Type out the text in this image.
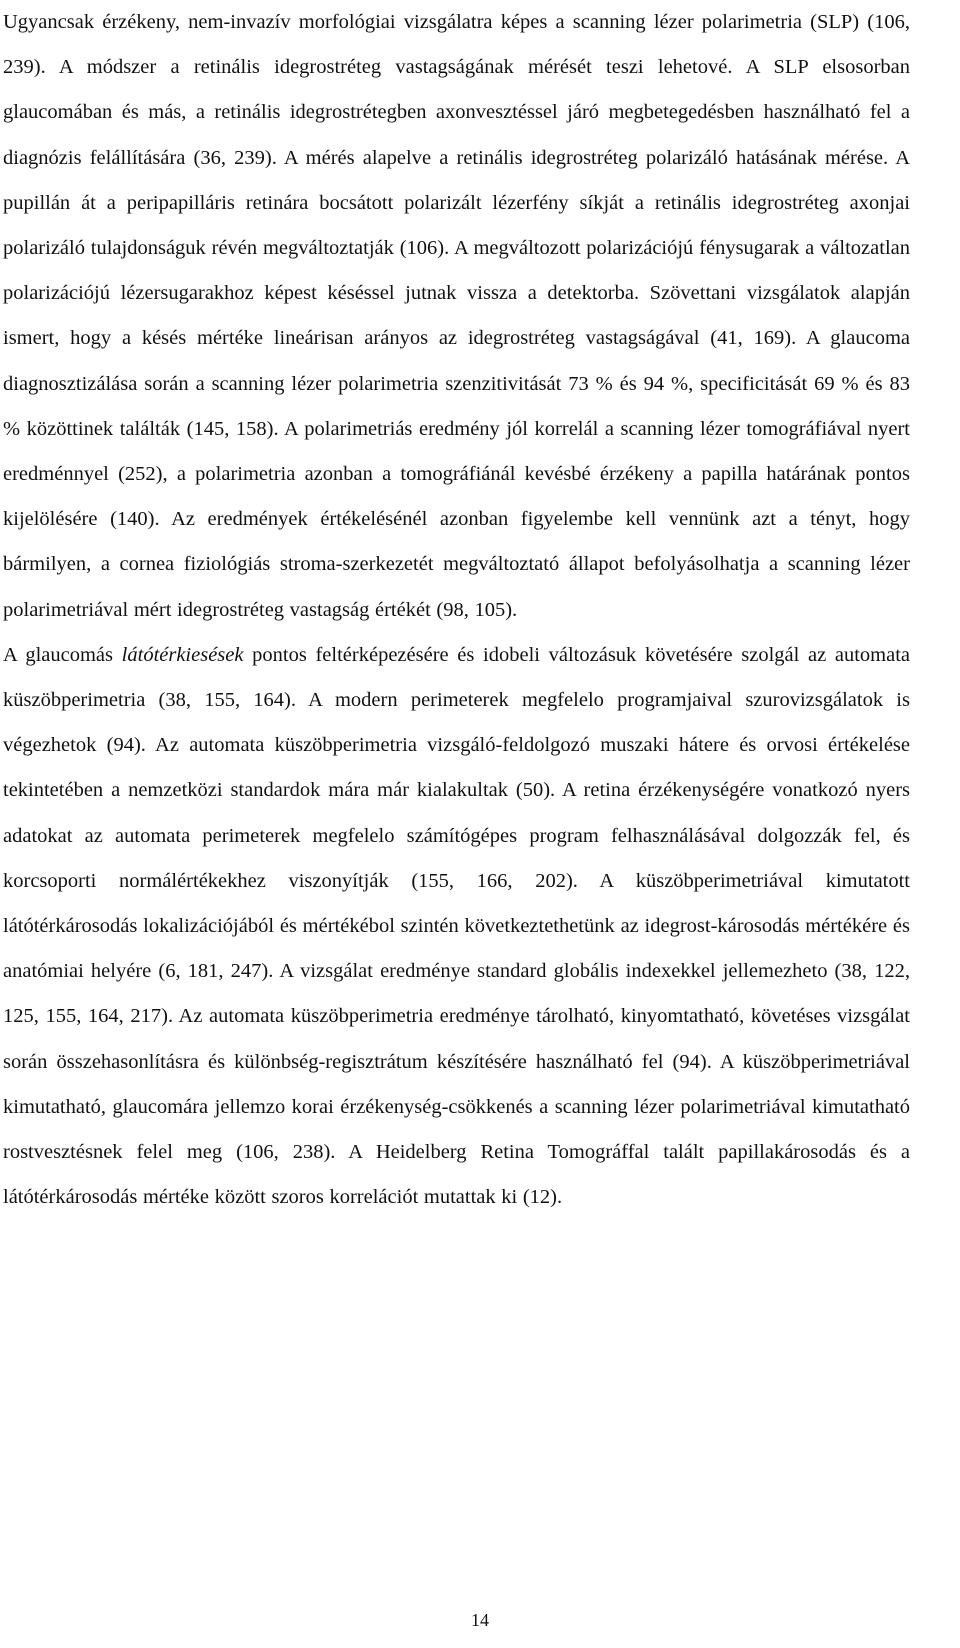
Ugyancsak érzékeny, nem-invazív morfológiai vizsgálatra képes a scanning lézer polarimetria (SLP) (106, 239). A módszer a retinális idegrostréteg vastagságának mérését teszi lehetové. A SLP elsosorban glaucomában és más, a retinális idegrostrétegben axonvesztéssel járó megbetegedésben használható fel a diagnózis felállítására (36, 239). A mérés alapelve a retinális idegrostréteg polarizáló hatásának mérése. A pupillán át a peripapilláris retinára bocsátott polarizált lézerfény síkját a retinális idegrostréteg axonjai polarizáló tulajdonságuk révén megváltoztatják (106). A megváltozott polarizációjú fénysugarak a változatlan polarizációjú lézersugarakhoz képest késéssel jutnak vissza a detektorba. Szövettani vizsgálatok alapján ismert, hogy a késés mértéke lineárisan arányos az idegrostréteg vastagságával (41, 169). A glaucoma diagnosztizálása során a scanning lézer polarimetria szenzitivitását 73 % és 94 %, specificitását 69 % és 83 % közöttinek találták (145, 158). A polarimetriás eredmény jól korrelál a scanning lézer tomográfiával nyert eredménnyel (252), a polarimetria azonban a tomográfiánál kevésbé érzékeny a papilla határának pontos kijelölésére (140). Az eredmények értékelésénél azonban figyelembe kell vennünk azt a tényt, hogy bármilyen, a cornea fiziológiás stroma-szerkezetét megváltoztató állapot befolyásolhatja a scanning lézer polarimetriával mért idegrostréteg vastagság értékét (98, 105).

A glaucomás látótérkiesések pontos feltérképezésére és idobeli változásuk követésére szolgál az automata küszöbperimetria (38, 155, 164). A modern perimeterek megfelelo programjaival szurovizsgálatok is végezhetok (94). Az automata küszöbperimetria vizsgáló-feldolgozó muszaki hátere és orvosi értékelése tekintetében a nemzetközi standardok mára már kialakultak (50). A retina érzékenységére vonatkozó nyers adatokat az automata perimeterek megfelelo számítógépes program felhasználásával dolgozzák fel, és korcsoporti normálértékekhez viszonyítják (155, 166, 202). A küszöbperimetriával kimutatott látótérkárosodás lokalizációjából és mértékébol szintén következtethetünk az idegrost-károsodás mértékére és anatómiai helyére (6, 181, 247). A vizsgálat eredménye standard globális indexekkel jellemezheto (38, 122, 125, 155, 164, 217). Az automata küszöbperimetria eredménye tárolható, kinyomtatható, követéses vizsgálat során összehasonlításra és különbség-regisztrátum készítésére használható fel (94). A küszöbperimetriával kimutatható, glaucomára jellemzo korai érzékenység-csökkenés a scanning lézer polarimetriával kimutatható rostvesztésnek felel meg (106, 238). A Heidelberg Retina Tomográffal talált papillakárosodás és a látótérkárosodás mértéke között szoros korrelációt mutattak ki (12).

14
